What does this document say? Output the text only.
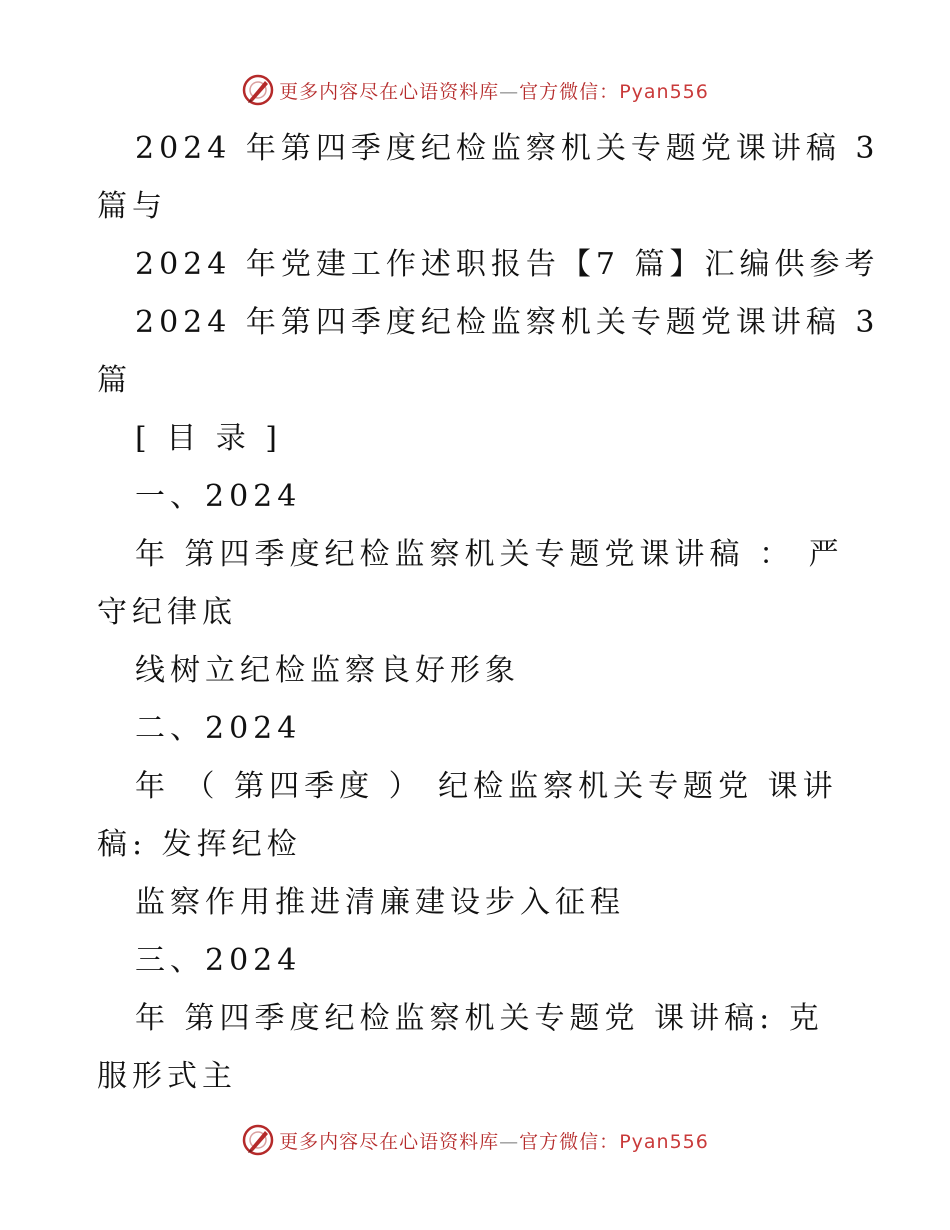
更多内容尽在心语资料库—官方微信：Pyan556
2024 年第四季度纪检监察机关专题党课讲稿 3
篇与
2024 年党建工作述职报告【7 篇】汇编供参考
2024 年第四季度纪检监察机关专题党课讲稿 3
篇
[ 目 录 ]
一、2024
年 第四季度纪检监察机关专题党课讲稿 ： 严
守纪律底
线树立纪检监察良好形象
二、2024
年 （ 第四季度 ） 纪检监察机关专题党 课讲
稿: 发挥纪检
监察作用推进清廉建设步入征程
三、2024
年 第四季度纪检监察机关专题党 课讲稿: 克
服形式主
更多内容尽在心语资料库—官方微信：Pyan556
